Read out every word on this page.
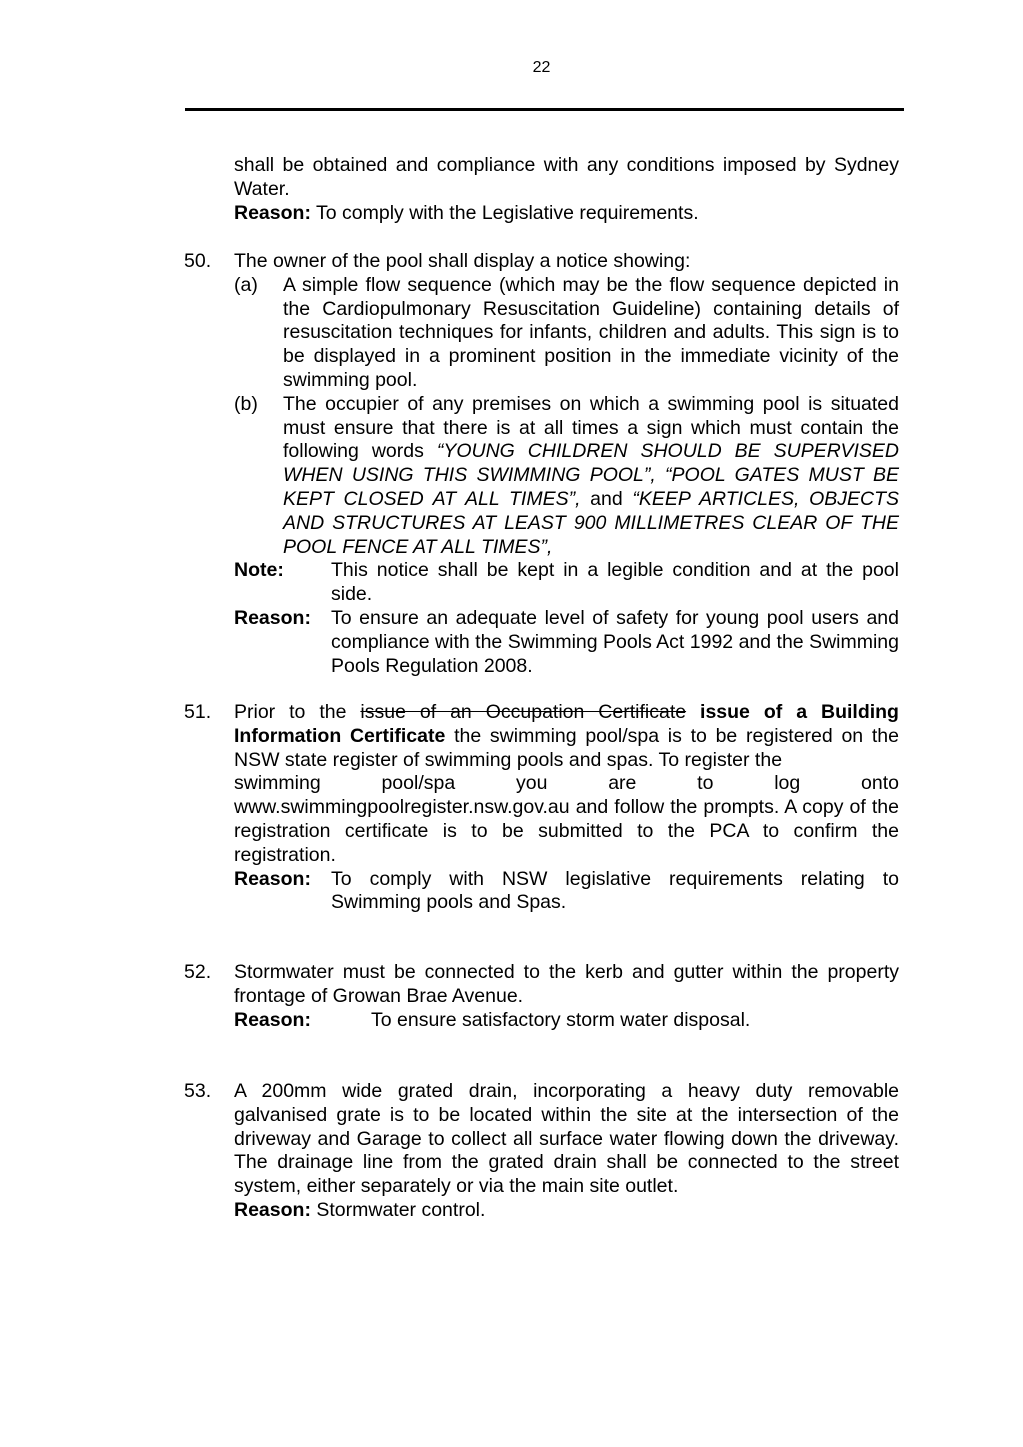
22
shall be obtained and compliance with any conditions imposed by Sydney Water.
Reason: To comply with the Legislative requirements.
50. The owner of the pool shall display a notice showing:
(a) A simple flow sequence (which may be the flow sequence depicted in the Cardiopulmonary Resuscitation Guideline) containing details of resuscitation techniques for infants, children and adults. This sign is to be displayed in a prominent position in the immediate vicinity of the swimming pool.
(b) The occupier of any premises on which a swimming pool is situated must ensure that there is at all times a sign which must contain the following words “YOUNG CHILDREN SHOULD BE SUPERVISED WHEN USING THIS SWIMMING POOL”, “POOL GATES MUST BE KEPT CLOSED AT ALL TIMES”, and “KEEP ARTICLES, OBJECTS AND STRUCTURES AT LEAST 900 MILLIMETRES CLEAR OF THE POOL FENCE AT ALL TIMES”,
Note:	This notice shall be kept in a legible condition and at the pool side.
Reason:	To ensure an adequate level of safety for young pool users and compliance with the Swimming Pools Act 1992 and the Swimming Pools Regulation 2008.
51. Prior to the issue of an Occupation Certificate issue of a Building Information Certificate the swimming pool/spa is to be registered on the NSW state register of swimming pools and spas. To register the
swimming pool/spa you are to log onto
www.swimmingpoolregister.nsw.gov.au and follow the prompts. A copy of the registration certificate is to be submitted to the PCA to confirm the registration.
Reason:	To comply with NSW legislative requirements relating to Swimming pools and Spas.
52. Stormwater must be connected to the kerb and gutter within the property frontage of Growan Brae Avenue.
Reason:	To ensure satisfactory storm water disposal.
53. A 200mm wide grated drain, incorporating a heavy duty removable galvanised grate is to be located within the site at the intersection of the driveway and Garage to collect all surface water flowing down the driveway. The drainage line from the grated drain shall be connected to the street system, either separately or via the main site outlet.
Reason: Stormwater control.
